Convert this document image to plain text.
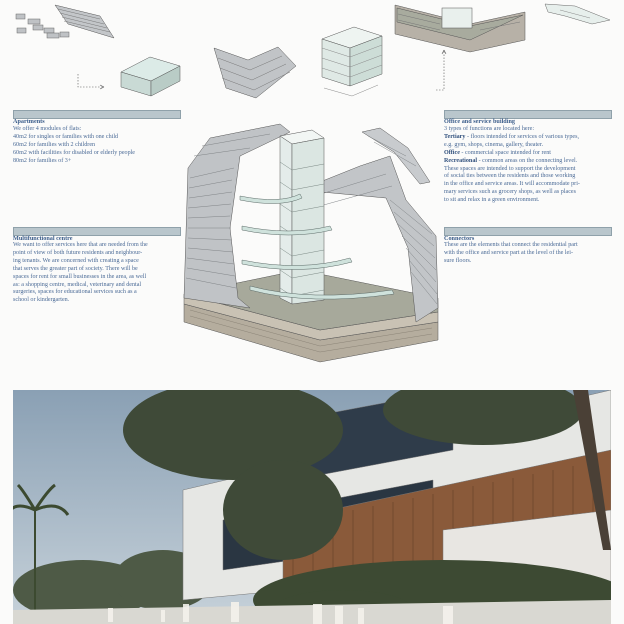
Apartments

We offer 4 modules of flats:

40m2 for singles or families with one child

60m2 for families with 2 children

60m2 with facilities for disabled or elderly people

80m2 for families of 3+

Multifunctional centre

We want to offer services here that are needed from the

point of view of both future residents and neighbour-

ing tenants. We are concerned with creating a space

that serves the greater part of society. There will be

spaces for rent for small businesses in the area, as well

as: a shopping centre, medical, veterinary and dental

surgeries, spaces for educational services such as a

school or kindergarten.

Office and service building

3 types of functions are located here:

Tertiary - floors intended for services of various types,

e.g. gym, shops, cinema, gallery, theater.

Office - commercial space intended for rent

Recreational - common areas on the connecting level.

These spaces are intended to support the development

of social ties between the residents and those working

in the office and service areas. It will accommodate pri-

mary services such as grocery shops, as well as places

to sit and relax in a green environment.

Connectors

These are the elements that connect the residential part

with the office and service part at the level of the lei-

sure floors.
